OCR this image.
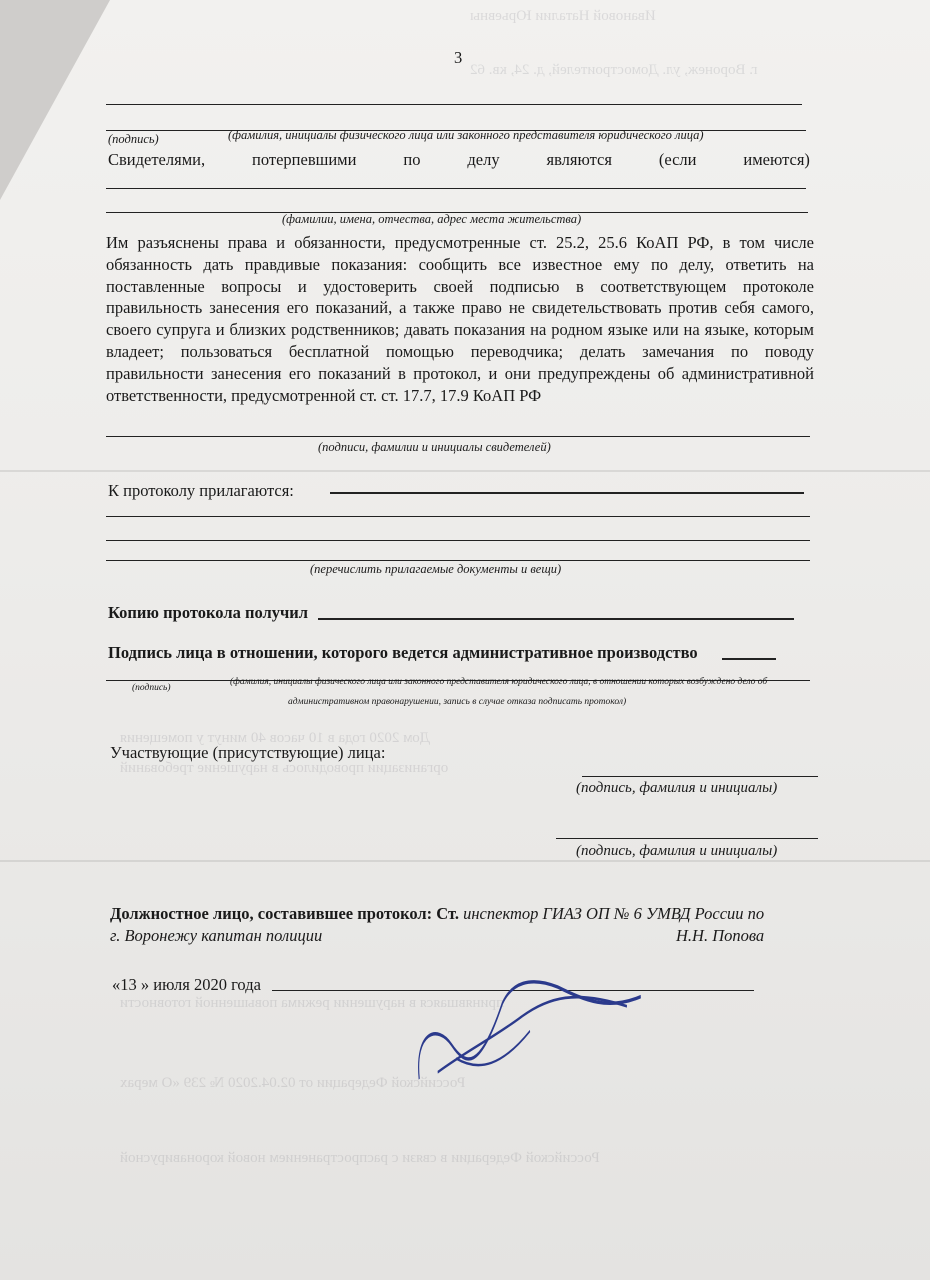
Ивановой Наталии Юрьевны
г. Воронеж, ул. Домостроителей, д. 24, кв. 62
Дом 2020 года в 10 часов 40 минут у помещения
организации проводилось в нарушение требований
принявшаяся в нарушении режима повышенной готовности
Российской Федерации от 02.04.2020 № 239 «О мерах
Российской Федерации в связи с распространением новой коронавирусной
3
(подпись)	(фамилия, инициалы физического лица или законного представителя юридического лица)
Свидетелями,	потерпевшими	по	делу	являются	(если	имеются)
(фамилии, имена, отчества, адрес места жительства)
Им разъяснены права и обязанности, предусмотренные ст. 25.2, 25.6 КоАП РФ, в том числе обязанность дать правдивые показания: сообщить все известное ему по делу, ответить на поставленные вопросы и удостоверить своей подписью в соответствующем протоколе правильность занесения его показаний, а также право не свидетельствовать против себя самого, своего супруга и близких родственников; давать показания на родном языке или на языке, которым владеет; пользоваться бесплатной помощью переводчика; делать замечания по поводу правильности занесения его показаний в протокол, и они предупреждены об административной ответственности, предусмотренной ст. ст. 17.7, 17.9 КоАП РФ
(подписи, фамилии и инициалы свидетелей)
К протоколу прилагаются:
(перечислить прилагаемые документы и вещи)
Копию протокола получил
Подпись лица в отношении, которого ведется административное производство
(подпись)
(фамилия, инициалы физического лица или законного представителя юридического лица, в отношении которых возбуждено дело об
административном правонарушении, запись в случае отказа подписать протокол)
Участвующие (присутствующие) лица:
(подпись, фамилия и инициалы)
(подпись, фамилия и инициалы)
Должностное лицо, составившее протокол: Ст. инспектор ГИАЗ ОП № 6 УМВД России по
г. Воронежу капитан полиции	Н.Н. Попова
«13 » июля 2020 года
